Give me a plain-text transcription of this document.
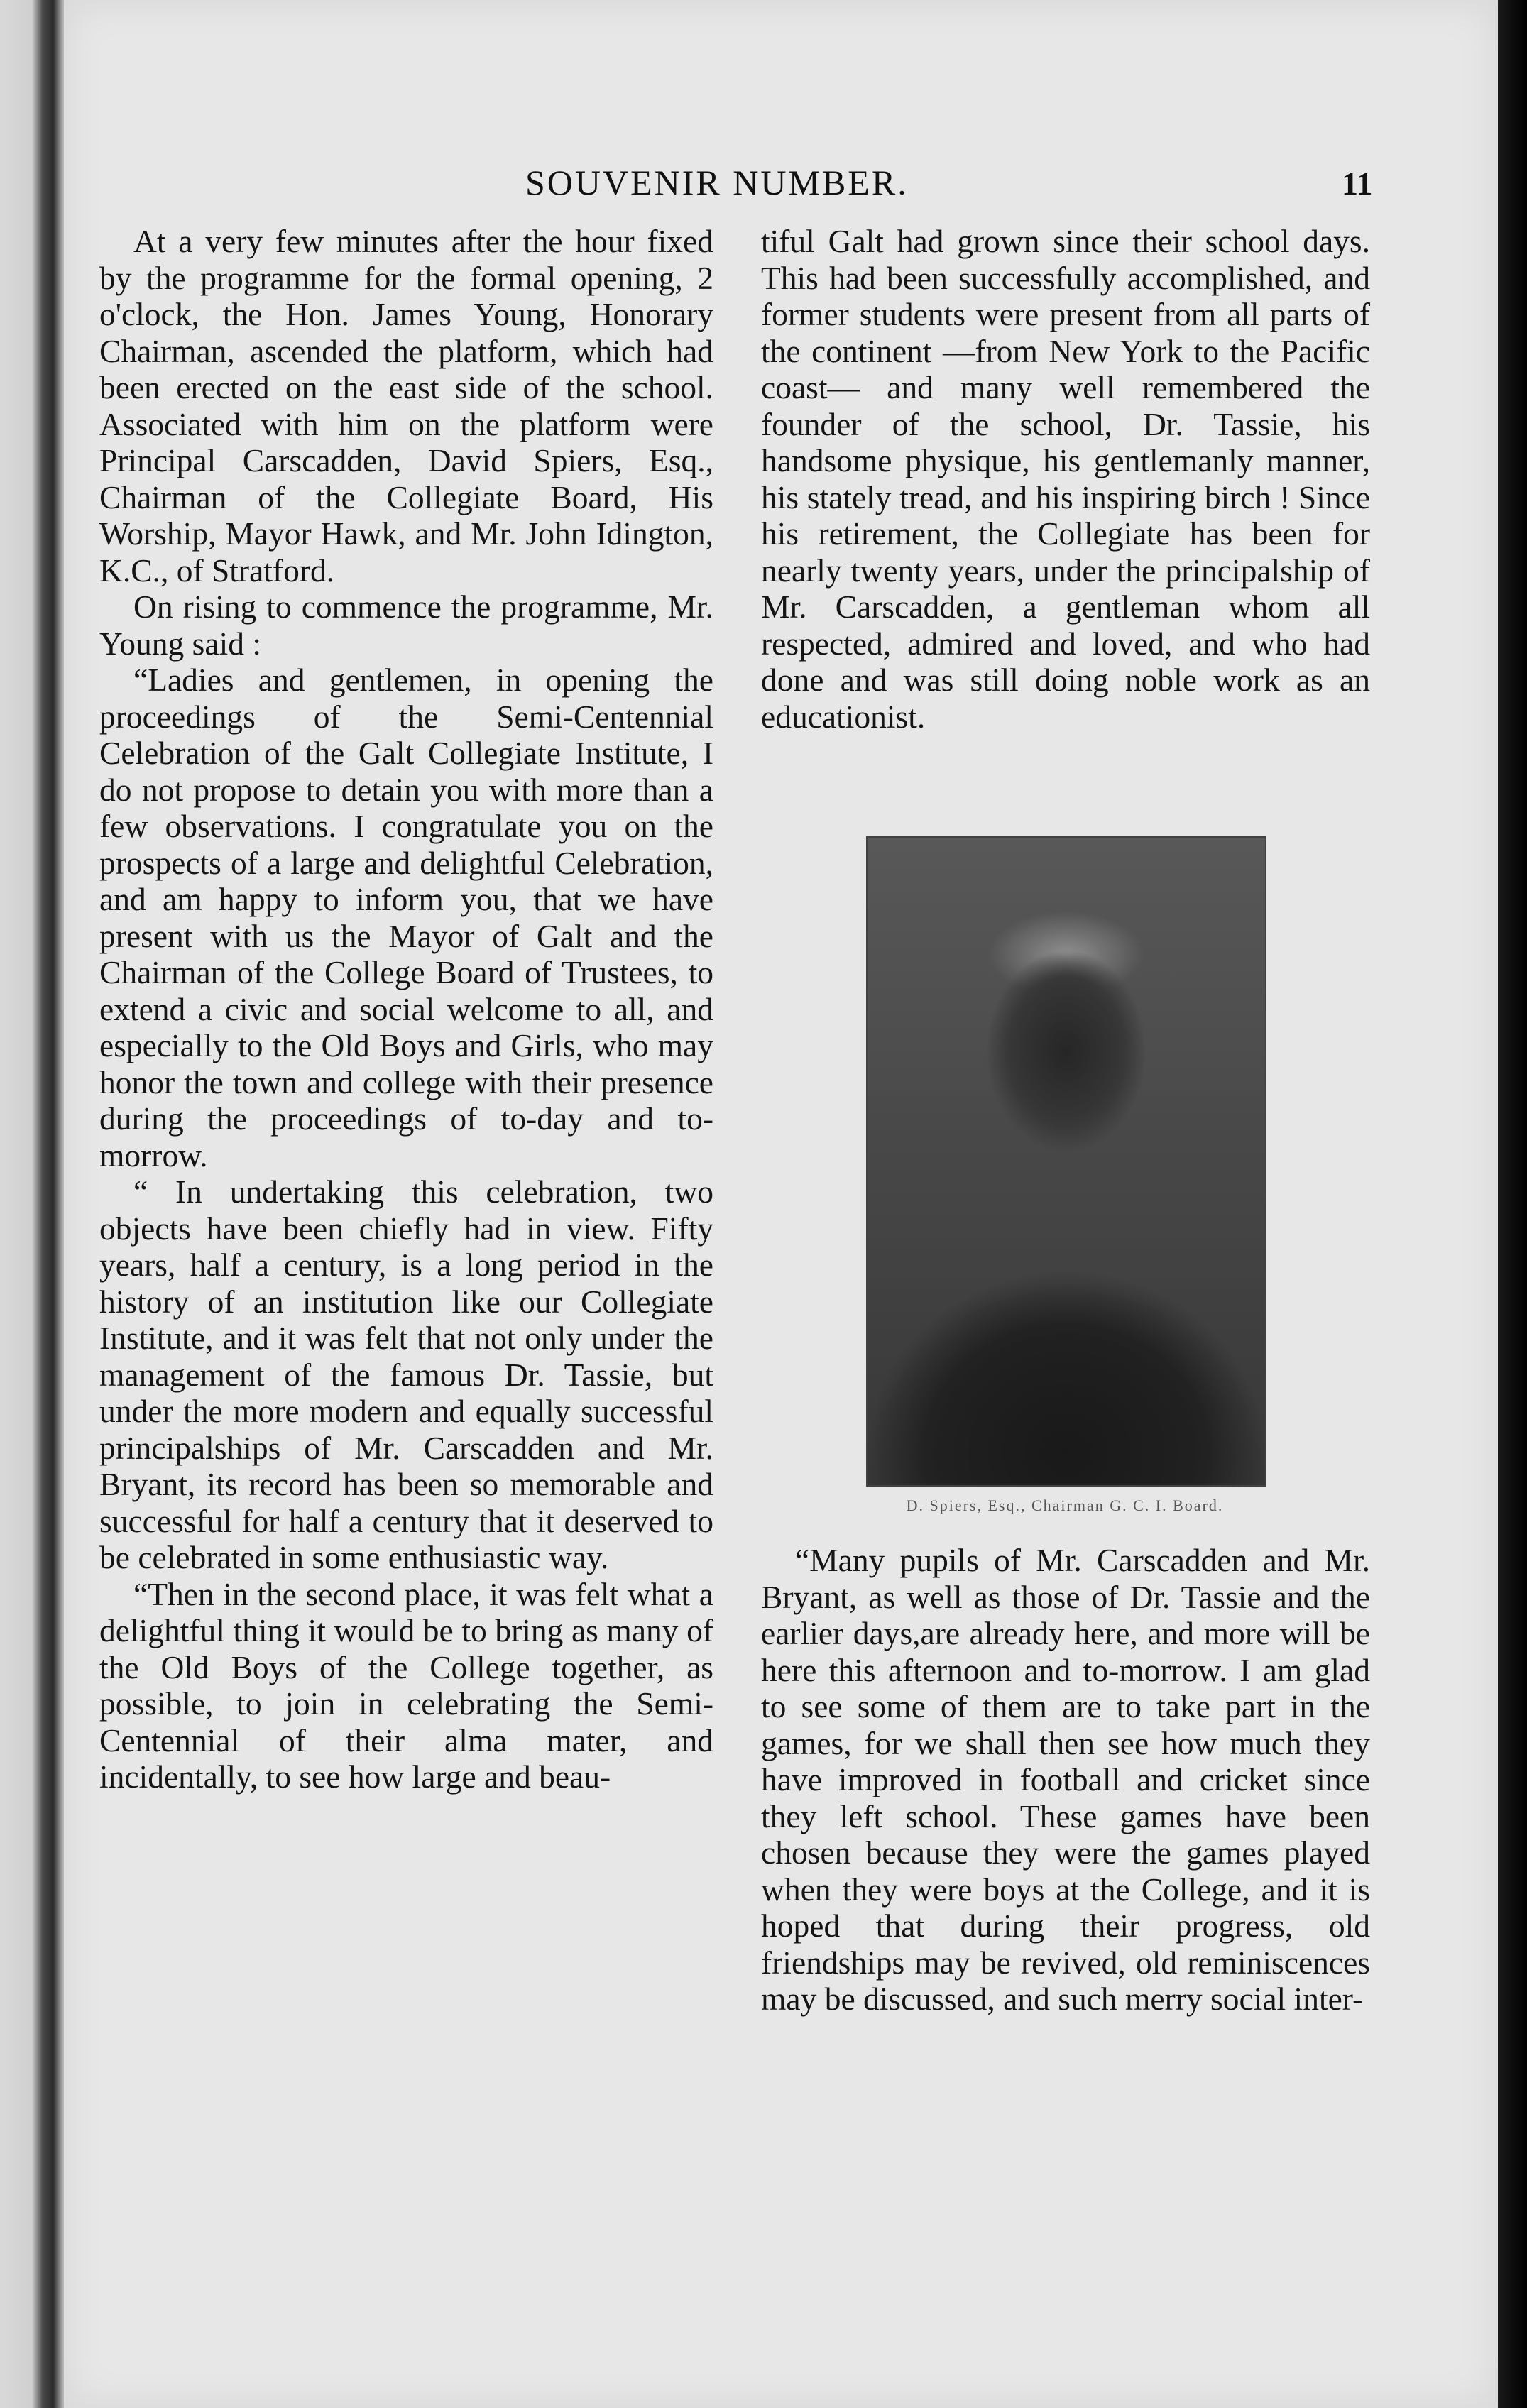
SOUVENIR NUMBER.	11

At a very few minutes after the hour fixed by the programme for the formal opening, 2 o'clock, the Hon. James Young, Honorary Chairman, ascended the platform, which had been erected on the east side of the school. Associated with him on the platform were Principal Carscadden, David Spiers, Esq., Chairman of the Collegiate Board, His Worship, Mayor Hawk, and Mr. John Idington, K.C., of Stratford.

On rising to commence the programme, Mr. Young said :

“Ladies and gentlemen, in opening the proceedings of the Semi-Centennial Celebration of the Galt Collegiate Institute, I do not propose to detain you with more than a few observations. I congratulate you on the prospects of a large and delightful Celebration, and am happy to inform you, that we have present with us the Mayor of Galt and the Chairman of the College Board of Trustees, to extend a civic and social welcome to all, and especially to the Old Boys and Girls, who may honor the town and college with their presence during the proceedings of to-day and to-morrow.

“ In undertaking this celebration, two objects have been chiefly had in view. Fifty years, half a century, is a long period in the history of an institution like our Collegiate Institute, and it was felt that not only under the management of the famous Dr. Tassie, but under the more modern and equally successful principalships of Mr. Carscadden and Mr. Bryant, its record has been so memorable and successful for half a century that it deserved to be celebrated in some enthusiastic way.

“Then in the second place, it was felt what a delightful thing it would be to bring as many of the Old Boys of the College together, as possible, to join in celebrating the Semi-Centennial of their alma mater, and incidentally, to see how large and beau-

tiful Galt had grown since their school days. This had been successfully accomplished, and former students were present from all parts of the continent —from New York to the Pacific coast— and many well remembered the founder of the school, Dr. Tassie, his handsome physique, his gentlemanly manner, his stately tread, and his inspiring birch ! Since his retirement, the Collegiate has been for nearly twenty years, under the principalship of Mr. Carscadden, a gentleman whom all respected, admired and loved, and who had done and was still doing noble work as an educationist.

D. Spiers, Esq., Chairman G. C. I. Board.

“Many pupils of Mr. Carscadden and Mr. Bryant, as well as those of Dr. Tassie and the earlier days,are already here, and more will be here this afternoon and to-morrow. I am glad to see some of them are to take part in the games, for we shall then see how much they have improved in football and cricket since they left school. These games have been chosen because they were the games played when they were boys at the College, and it is hoped that during their progress, old friendships may be revived, old reminiscences may be discussed, and such merry social inter-
